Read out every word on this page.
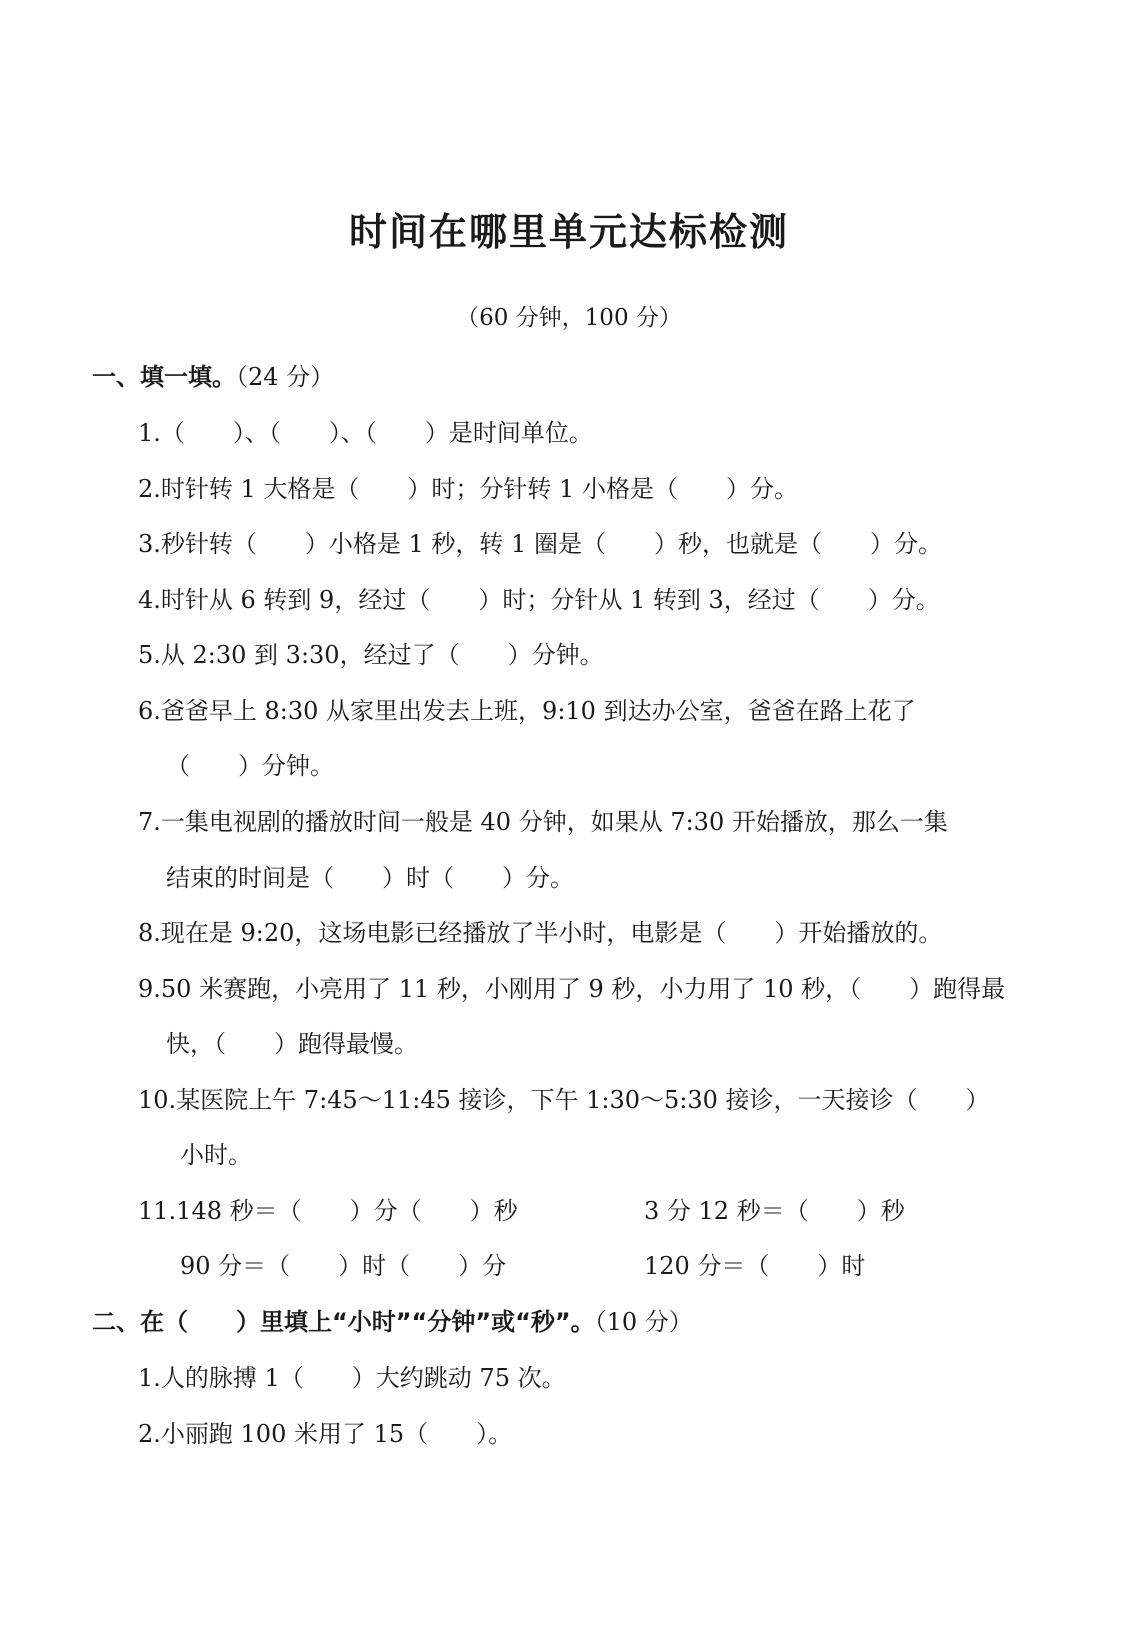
时间在哪里单元达标检测
（60 分钟，100 分）
一、填一填。（24 分）
1.（　　）、（　　）、（　　）是时间单位。
2.时针转 1 大格是（　　）时；分针转 1 小格是（　　）分。
3.秒针转（　　）小格是 1 秒，转 1 圈是（　　）秒，也就是（　　）分。
4.时针从 6 转到 9，经过（　　）时；分针从 1 转到 3，经过（　　）分。
5.从 2:30 到 3:30，经过了（　　）分钟。
6.爸爸早上 8:30 从家里出发去上班，9:10 到达办公室，爸爸在路上花了
（　　）分钟。
7.一集电视剧的播放时间一般是 40 分钟，如果从 7:30 开始播放，那么一集
结束的时间是（　　）时（　　）分。
8.现在是 9:20，这场电影已经播放了半小时，电影是（　　）开始播放的。
9.50 米赛跑，小亮用了 11 秒，小刚用了 9 秒，小力用了 10 秒，（　　）跑得最
快，（　　）跑得最慢。
10.某医院上午 7:45～11:45 接诊，下午 1:30～5:30 接诊，一天接诊（　　）
小时。
11.148 秒＝（　　）分（　　）秒	3 分 12 秒＝（　　）秒
90 分＝（　　）时（　　）分	120 分＝（　　）时
二、在（　　）里填上“小时”“分钟”或“秒”。（10 分）
1.人的脉搏 1（　　）大约跳动 75 次。
2.小丽跑 100 米用了 15（　　）。
